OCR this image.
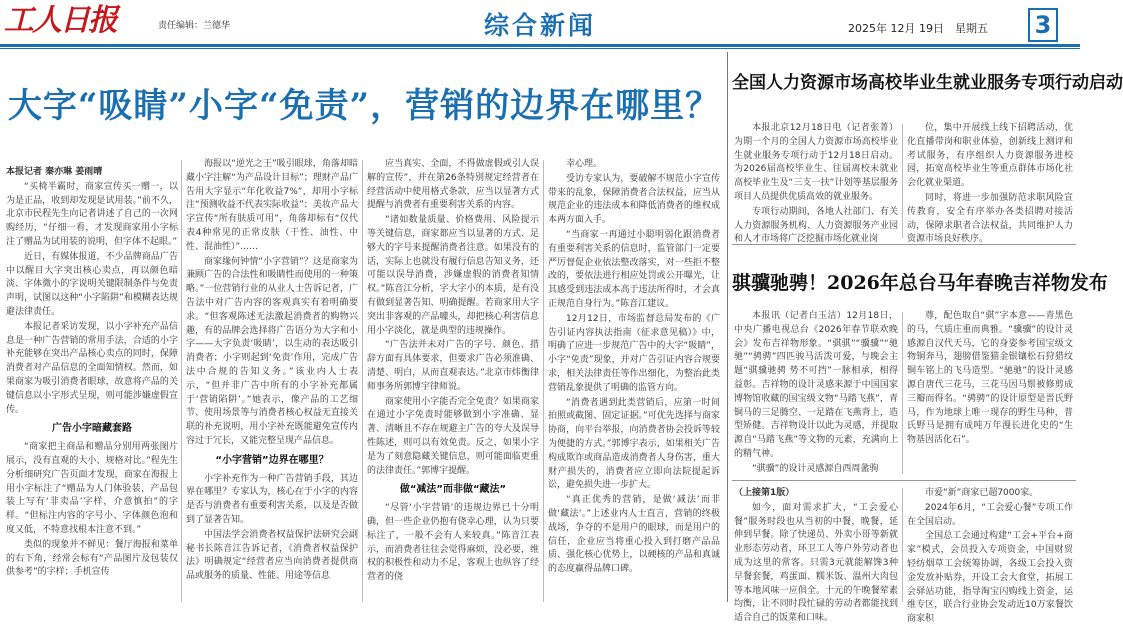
工人日报	责任编辑：兰德华	综合新闻	2025年 12月 19日　星期五 3
大字“吸睛”小字“免责”，营销的边界在哪里？

本报记者 秦亦琳 姜雨晴

“买椅半霸时，商家宣传买一赠一，以为是正品，收到却发现是试用装。”前不久，北京市民程先生向记者讲述了自己的一次网购经历，“仔细一看，才发现商家用小字标注了赠品为试用装的说明，但字体不起眼。”

近日，有媒体报道，不少品牌商品广告中以醒目大字突出核心卖点，再以颜色暗淡、字体微小的字说明关键限制条件与免责声明，试图以这种“小字陷阱”和模糊表达规避法律责任。

本报记者采访发现，以小字补充产品信息是一种广告营销的常用手法，合适的小字补充能够在突出产品核心卖点的同时，保障消费者对产品信息的全面知情权。然而，如果商家为吸引消费者眼球，故意将产品的关键信息以小字形式呈现，则可能涉嫌虚假宣传。

广告小字暗藏套路

“商家把主商品和赠品分别用两张图片展示，没有直观的大小、规格对比。”程先生分析细研究广告页面才发现，商家在海报上用小字标注了“赠品为人门体验装，产品包装上写有‘非卖品’字样，介意慎拍”的字样。“但标注内容的字号小、字体颜色泡和度又低，不特意找根本注意不到。”

类似的现象并不鲜见：餐厅海报和菜单的右下角，经常会标有“产品图片及包装仅供参考”的字样；手机宣传

海报以“逆光之王”吸引眼球，角落却暗藏小字注解“为产品设计目标”；理财产品广告用大字显示“年化收益7%”，却用小字标注“预测收益不代表实际收益”；美妆产品大字宣传“所有肤质可用”，角落却标有“仅代表4种常见的正常皮肤（干性、油性、中性、混油性）”……

商家缘何钟情“小字营销”？这是商家为兼顾广告的合法性和吸睛性而使用的一种策略。”一位营销行业的从业人士告诉记者，广告法中对广告内容的客观真实有着明确要求。“但客观陈述无法激起消费者的购物兴趣，有的品牌会选择将广告语分为大字和小字——大字负责‘吸睛’，以生动的表达吸引消费者；小字则起到‘免责’作用，完成广告法中合规的告知义务。”该业内人士表示，“但并非广告中所有的小字补充都属于‘营销陷阱’。”她表示，像产品的工艺细节、使用场景等与消费者核心权益无直接关联的补充说明，用小字补充既能避免宣传内容过于冗长，又能完整呈现产品信息。

“小字营销”边界在哪里？

小字补充作为一种广告营销手段，其边界在哪里？专家认为，核心在于小字的内容是否与消费者有重要利害关系，以及是否做到了显著告知。

中国法学会消费者权益保护法研究会副秘书长陈音江告诉记者，《消费者权益保护法》明确规定“经营者应当向消费者提供商品或服务的质量、性能、用途等信息

应当真实、全面，不得做虚假或引人误解的宣传”，并在第26条特别规定经营者在经营活动中使用格式条款，应当以显著方式提醒与消费者有重要利害关系的内容。

“诸如数量质量、价格费用、风险提示等关键信息，商家都应当以显著的方式、足够大的字号来提醒消费者注意。如果没有的话，实际上也就没有履行信息告知义务，还可能以误导消费，涉嫌虚假的消费者知情权。”陈音江分析，字大字小的本质，是有没有做到显著告知、明确提醒。若商家用大字突出非客观的产品噱头，却把核心利害信息用小字淡化，就是典型的违规操作。

“广告法并未对广告的字号、颜色、措辞方面有具体要求，但要求广告必须准确、清楚、明白，从而直观表达。”北京市炜衡律师事务所郭博宇律师说。

商家使用小字能否完全免责？如果商家在通过小字免责时能够做到小字准确、显著、清晰且不存在规避主广告的夸大及误导性陈述，则可以有效免责。反之，如果小字是为了刻意隐藏关键信息，则可能面临更重的法律责任。”郭博宇提醒。

做“减法”而非做“藏法”

“尽管‘小字营销’的违规边界已十分明确，但一些企业仍抱有侥幸心理，认为只要标注了，一般不会有人来较真。”陈音江表示，而消费者往往会觉得麻烦，没必要，维权的积极性和动力不足，客观上也纵容了经营者的侥

幸心理。

受访专家认为，要破解不规范小字宣传带来的乱象，保障消费者合法权益，应当从规范企业的违法成本和降低消费者的维权成本两方面入手。

“当商家一再通过小聪明弱化跟消费者有重要利害关系的信息时，监管部门一定要严厉督促企业依法整改落实，对一些拒不整改的，要依法进行相应处罚或公开曝光，让其感受到违法成本高于违法所得时，才会真正规范自身行为。”陈音江建议。

12月12日，市场监督总局发布的《广告引证内容执法指南（征求意见稿）》中，明确了应进一步规范广告中的大字“吸睛”，小字“免责”现象，并对广告引证内容合规要求，相关法律责任等作出细化，为整治此类营销乱象提供了明确的监管方向。

“消费者遇到此类营销后，应第一时间拍照或截图、固定证据。”可优先选择与商家协商，向平台举报，向消费者协会投诉等较为便捷的方式。”郭博宇表示，如果相关广告构成欺诈或商品造成消费者人身伤害，重大财产损失的，消费者应立即向法院提起诉讼，避免损失进一步扩大。

“真正优秀的营销，是做‘减法’而非做‘藏法’。”上述业内人士直言，营销的终极战场，争夺的不是用户的眼球，而是用户的信任，企业应当将重心投入到打磨产品品质、强化核心优势上，以硬核的产品和真诚的态度赢得品牌口碑。

全国人力资源市场高校毕业生就业服务专项行动启动

本报北京12月18日电（记者张菁）为期一个月的全国人力资源市场高校毕业生就业服务专项行动于12月18日启动。为2026届高校毕业生、往届离校未就业高校毕业生及“三支一扶”计划等基层服务项目人员提供优质高效的就业服务。

专项行动期间，各地人社部门、有关人力资源服务机构、人力资源服务产业园和人才市场将广泛挖掘市场化就业岗

位，集中开展线上线下招聘活动，优化直播带岗和职业体验，创新线上测评和考试服务，有序组织人力资源服务进校园，拓宽高校毕业生等重点群体市场化社会化就业渠道。

同时，将进一步加强防范求职风险宣传教育，安全有序举办各类招聘对接活动，保障求职者合法权益，共同维护人力资源市场良好秩序。

骐骥驰骋！2026年总台马年春晚吉祥物发布

本报讯（记者白玉洁）12月18日，中央广播电视总台《2026年春节联欢晚会》发布吉祥物形象。“骐骐”“骥骥”“驰驰”“骋骋”四匹骏马活泼可爱，与晚会主题“骐骥驰骋 势不可挡”一脉相承，相得益彰。吉祥物的设计灵感来源于中国国家博物馆收藏的国宝级文物“马踏飞燕”，青铜马的三足腾空、一足踏在飞燕背上，造型矫健。吉祥物设计以此为灵感，并提取源自“马踏飞燕”等文物的元素，充满向上的精气神。

“骐骥”的设计灵感源自西周盠驹

尊，配色取自“骐”字本意——青黑色的马，气质庄重而典雅。“骥骥”的设计灵感源自汉代天马，它的身姿参考国宝级文物铜奔马，翅膀借鉴猫金银镶松石狩猎纹铜车铭上的飞马造型。“驰驰”的设计灵感源自唐代三花马，三花马因马鬃被修剪成三瓣而得名。“骋骋”的设计原型是晋氏野马，作为地球上唯一现存的野生马种，普氏野马是拥有成吨万年漫长进化史的“生物基因活化石”。

（上接第1版）

如今，面对需求扩大，“工会爱心餐”服务时段也从当初的中餐，晚餐，延伸到早餐。除了快递员、外卖小哥等新就业形态劳动者，环卫工人等户外劳动者也成为这里的常客。只需3元就能解馋3种早餐套餐，鸡蛋面、糯米饭、温州大肉包等本地风味一应俱全。十元的午晚餐荤素均衡，让不同时段忙碌的劳动者都能找到适合自己的饭菜和口味。

市爱“新”商家已超7000家。

2024年6月，“工会爱心餐”专项工作在全国启动。

全国总工会通过构建“工会+平台+商家”模式，会员投入专项资金，中国财贸轻纺烟草工会统筹协调，各级工会投入资金发放补贴券，开设工会大食堂，拓展工会驿站功能，指导淘宝闪购线上资金，运维专区，联合行业协会发动近10万家餐饮商家积
